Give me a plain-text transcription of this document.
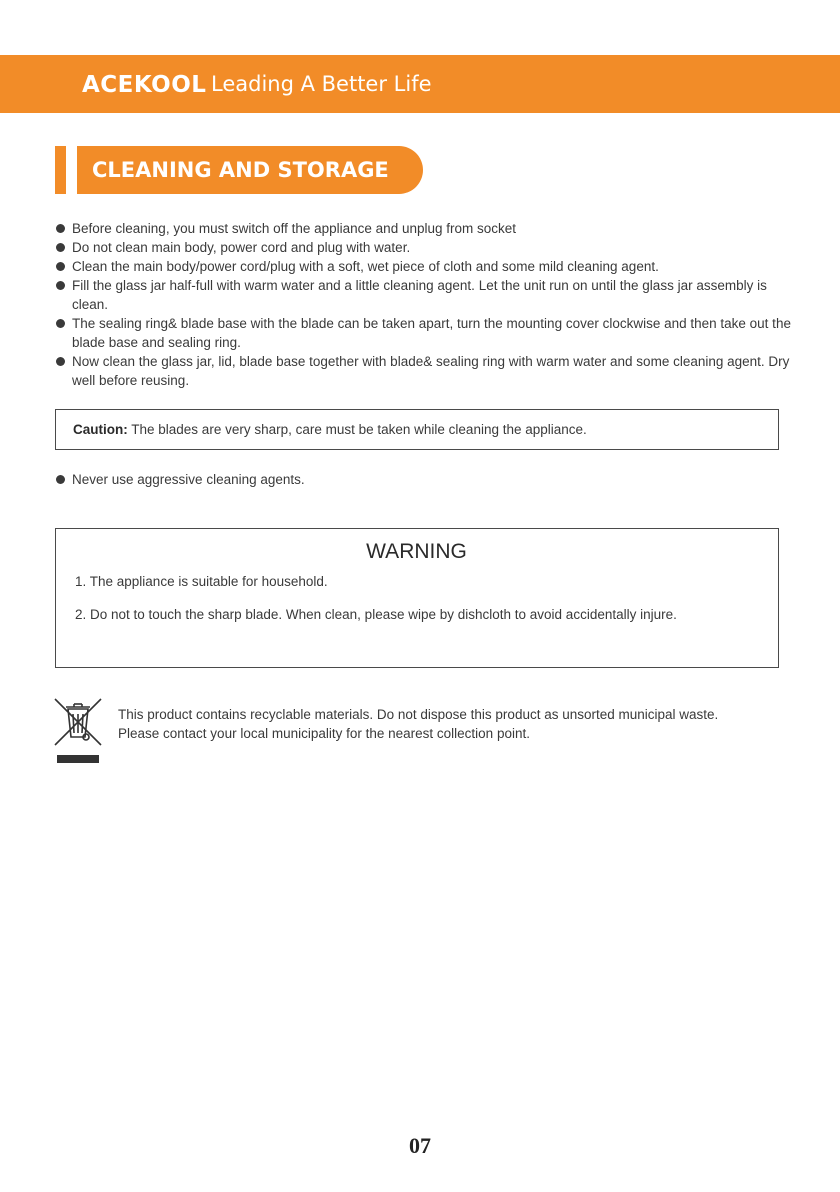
ACEKOOL Leading A Better Life
CLEANING AND STORAGE
Before cleaning, you must switch off the appliance and unplug from socket
Do not clean main body, power cord and plug with water.
Clean the main body/power cord/plug with a soft, wet piece of cloth and some mild cleaning agent.
Fill the glass jar half-full with warm water and a little cleaning agent. Let the unit run on until the glass jar assembly is clean.
The sealing ring& blade base with the blade can be taken apart, turn the mounting cover clockwise and then take out the blade base and sealing ring.
Now clean the glass jar, lid, blade base together with blade& sealing ring with warm water and some cleaning agent. Dry well before reusing.
Caution: The blades are very sharp, care must be taken while cleaning the appliance.
Never use aggressive cleaning agents.
WARNING

1. The appliance is suitable for household.

2. Do not to touch the sharp blade. When clean, please wipe by dishcloth to avoid accidentally injure.

This product contains recyclable materials. Do not dispose this product as unsorted municipal waste. Please contact your local municipality for the nearest collection point.

07
